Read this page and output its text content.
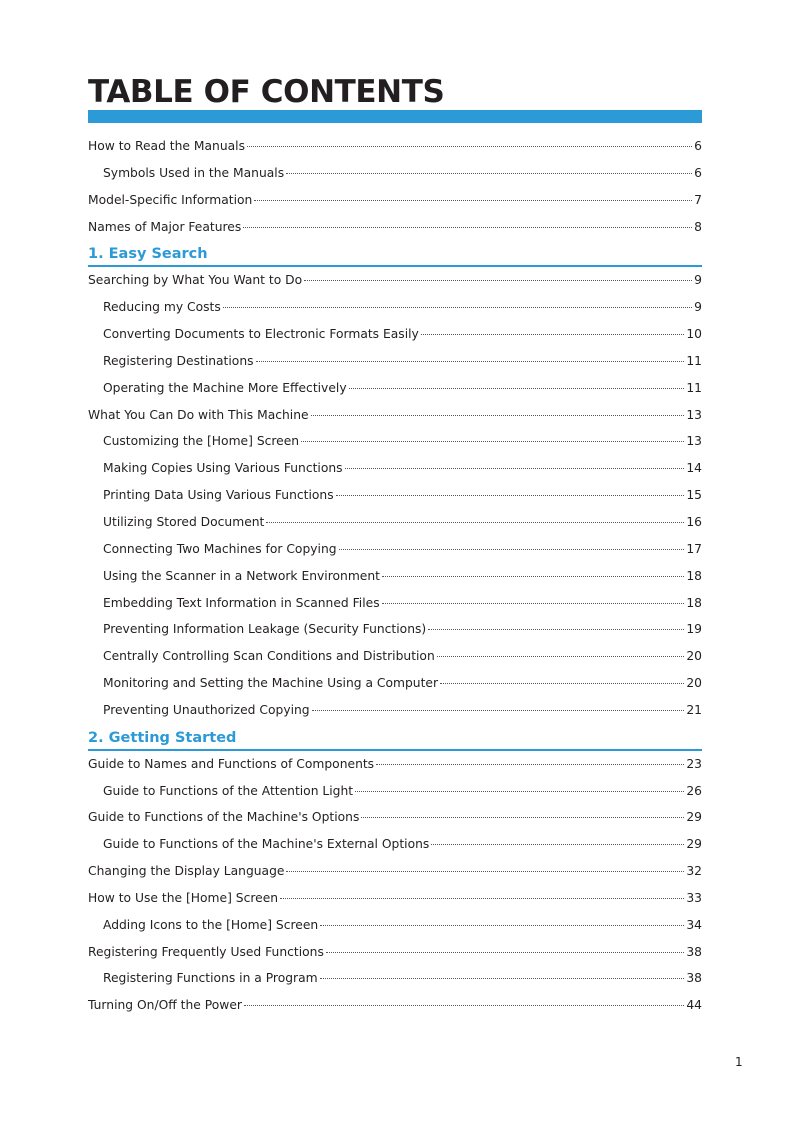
TABLE OF CONTENTS
How to Read the Manuals	6
Symbols Used in the Manuals	6
Model-Specific Information	7
Names of Major Features	8
1. Easy Search
Searching by What You Want to Do	9
Reducing my Costs	9
Converting Documents to Electronic Formats Easily	10
Registering Destinations	11
Operating the Machine More Effectively	11
What You Can Do with This Machine	13
Customizing the [Home] Screen	13
Making Copies Using Various Functions	14
Printing Data Using Various Functions	15
Utilizing Stored Document	16
Connecting Two Machines for Copying	17
Using the Scanner in a Network Environment	18
Embedding Text Information in Scanned Files	18
Preventing Information Leakage (Security Functions)	19
Centrally Controlling Scan Conditions and Distribution	20
Monitoring and Setting the Machine Using a Computer	20
Preventing Unauthorized Copying	21
2. Getting Started
Guide to Names and Functions of Components	23
Guide to Functions of the Attention Light	26
Guide to Functions of the Machine's Options	29
Guide to Functions of the Machine's External Options	29
Changing the Display Language	32
How to Use the [Home] Screen	33
Adding Icons to the [Home] Screen	34
Registering Frequently Used Functions	38
Registering Functions in a Program	38
Turning On/Off the Power	44
1
